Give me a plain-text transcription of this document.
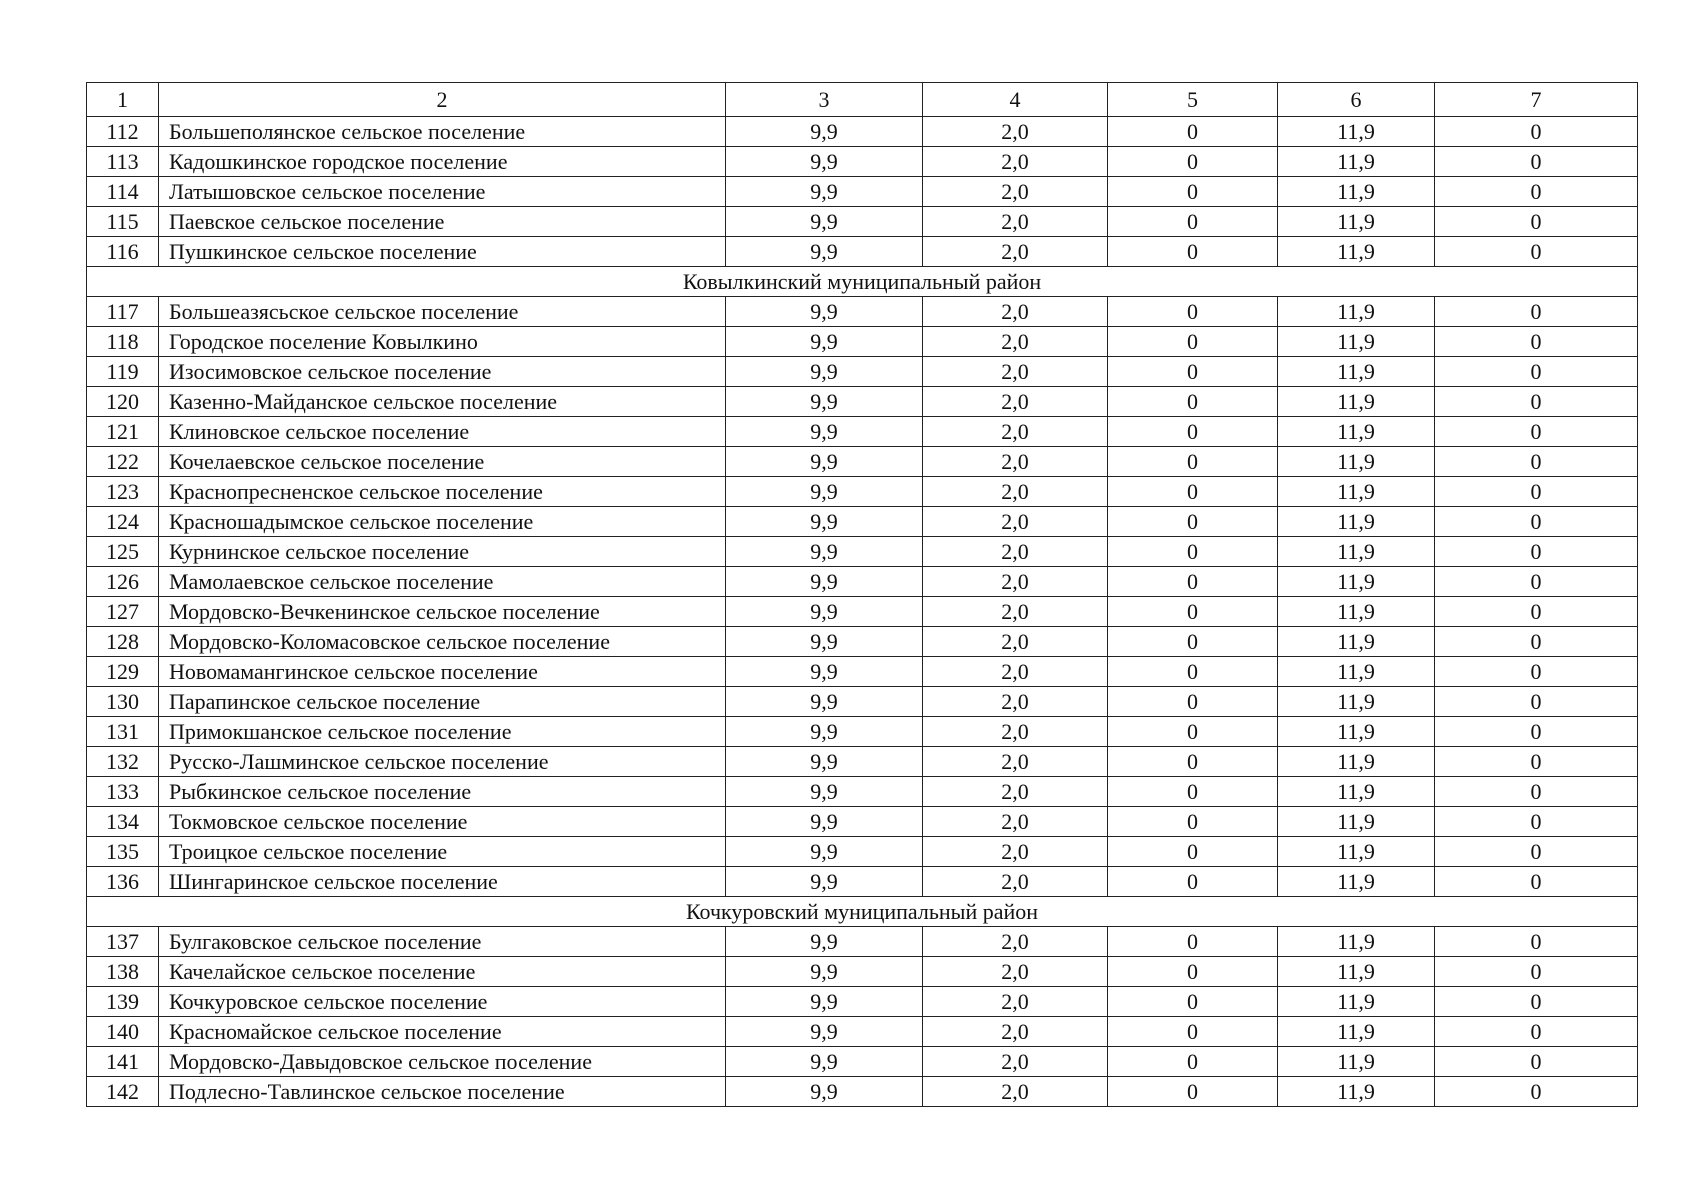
1	2	3	4	5	6	7
112	Большеполянское сельское поселение	9,9	2,0	0	11,9	0
113	Кадошкинское городское поселение	9,9	2,0	0	11,9	0
114	Латышовское сельское поселение	9,9	2,0	0	11,9	0
115	Паевское сельское поселение	9,9	2,0	0	11,9	0
116	Пушкинское сельское поселение	9,9	2,0	0	11,9	0
Ковылкинский муниципальный район						
117	Большеазясьское сельское поселение	9,9	2,0	0	11,9	0
118	Городское поселение Ковылкино	9,9	2,0	0	11,9	0
119	Изосимовское сельское поселение	9,9	2,0	0	11,9	0
120	Казенно-Майданское сельское поселение	9,9	2,0	0	11,9	0
121	Клиновское сельское поселение	9,9	2,0	0	11,9	0
122	Кочелаевское сельское поселение	9,9	2,0	0	11,9	0
123	Краснопресненское сельское поселение	9,9	2,0	0	11,9	0
124	Красношадымское сельское поселение	9,9	2,0	0	11,9	0
125	Курнинское сельское поселение	9,9	2,0	0	11,9	0
126	Мамолаевское сельское поселение	9,9	2,0	0	11,9	0
127	Мордовско-Вечкенинское сельское поселение	9,9	2,0	0	11,9	0
128	Мордовско-Коломасовское сельское поселение	9,9	2,0	0	11,9	0
129	Новомамангинское сельское поселение	9,9	2,0	0	11,9	0
130	Парапинское сельское поселение	9,9	2,0	0	11,9	0
131	Примокшанское сельское поселение	9,9	2,0	0	11,9	0
132	Русско-Лашминское сельское поселение	9,9	2,0	0	11,9	0
133	Рыбкинское сельское поселение	9,9	2,0	0	11,9	0
134	Токмовское сельское поселение	9,9	2,0	0	11,9	0
135	Троицкое сельское поселение	9,9	2,0	0	11,9	0
136	Шингаринское сельское поселение	9,9	2,0	0	11,9	0
Кочкуровский муниципальный район						
137	Булгаковское сельское поселение	9,9	2,0	0	11,9	0
138	Качелайское сельское поселение	9,9	2,0	0	11,9	0
139	Кочкуровское сельское поселение	9,9	2,0	0	11,9	0
140	Красномайское сельское поселение	9,9	2,0	0	11,9	0
141	Мордовско-Давыдовское сельское поселение	9,9	2,0	0	11,9	0
142	Подлесно-Тавлинское сельское поселение	9,9	2,0	0	11,9	0
